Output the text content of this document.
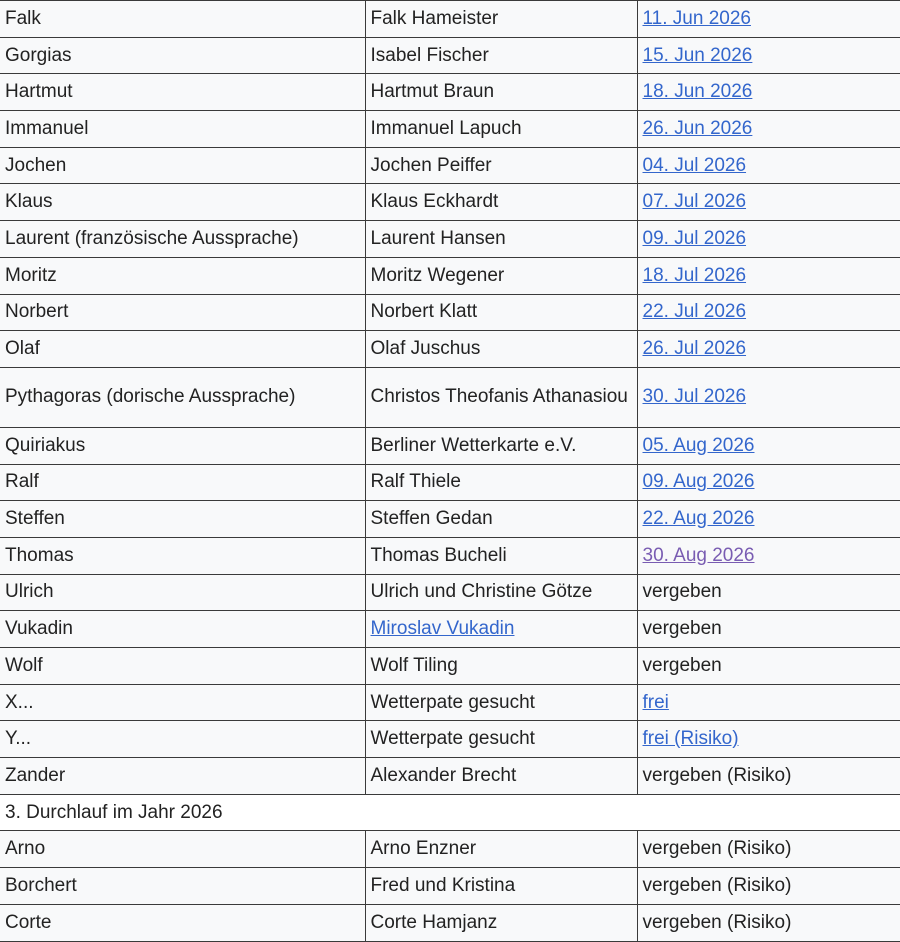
Falk	Falk Hameister	11. Jun 2026
Gorgias	Isabel Fischer	15. Jun 2026
Hartmut	Hartmut Braun	18. Jun 2026
Immanuel	Immanuel Lapuch	26. Jun 2026
Jochen	Jochen Peiffer	04. Jul 2026
Klaus	Klaus Eckhardt	07. Jul 2026
Laurent (französische Aussprache)	Laurent Hansen	09. Jul 2026
Moritz	Moritz Wegener	18. Jul 2026
Norbert	Norbert Klatt	22. Jul 2026
Olaf	Olaf Juschus	26. Jul 2026
Pythagoras (dorische Aussprache)	Christos Theofanis Athanasiou	30. Jul 2026
Quiriakus	Berliner Wetterkarte e.V.	05. Aug 2026
Ralf	Ralf Thiele	09. Aug 2026
Steffen	Steffen Gedan	22. Aug 2026
Thomas	Thomas Bucheli	30. Aug 2026
Ulrich	Ulrich und Christine Götze	vergeben
Vukadin	Miroslav Vukadin	vergeben
Wolf	Wolf Tiling	vergeben
X...	Wetterpate gesucht	frei
Y...	Wetterpate gesucht	frei (Risiko)
Zander	Alexander Brecht	vergeben (Risiko)
3. Durchlauf im Jahr 2026		
Arno	Arno Enzner	vergeben (Risiko)
Borchert	Fred und Kristina	vergeben (Risiko)
Corte	Corte Hamjanz	vergeben (Risiko)
